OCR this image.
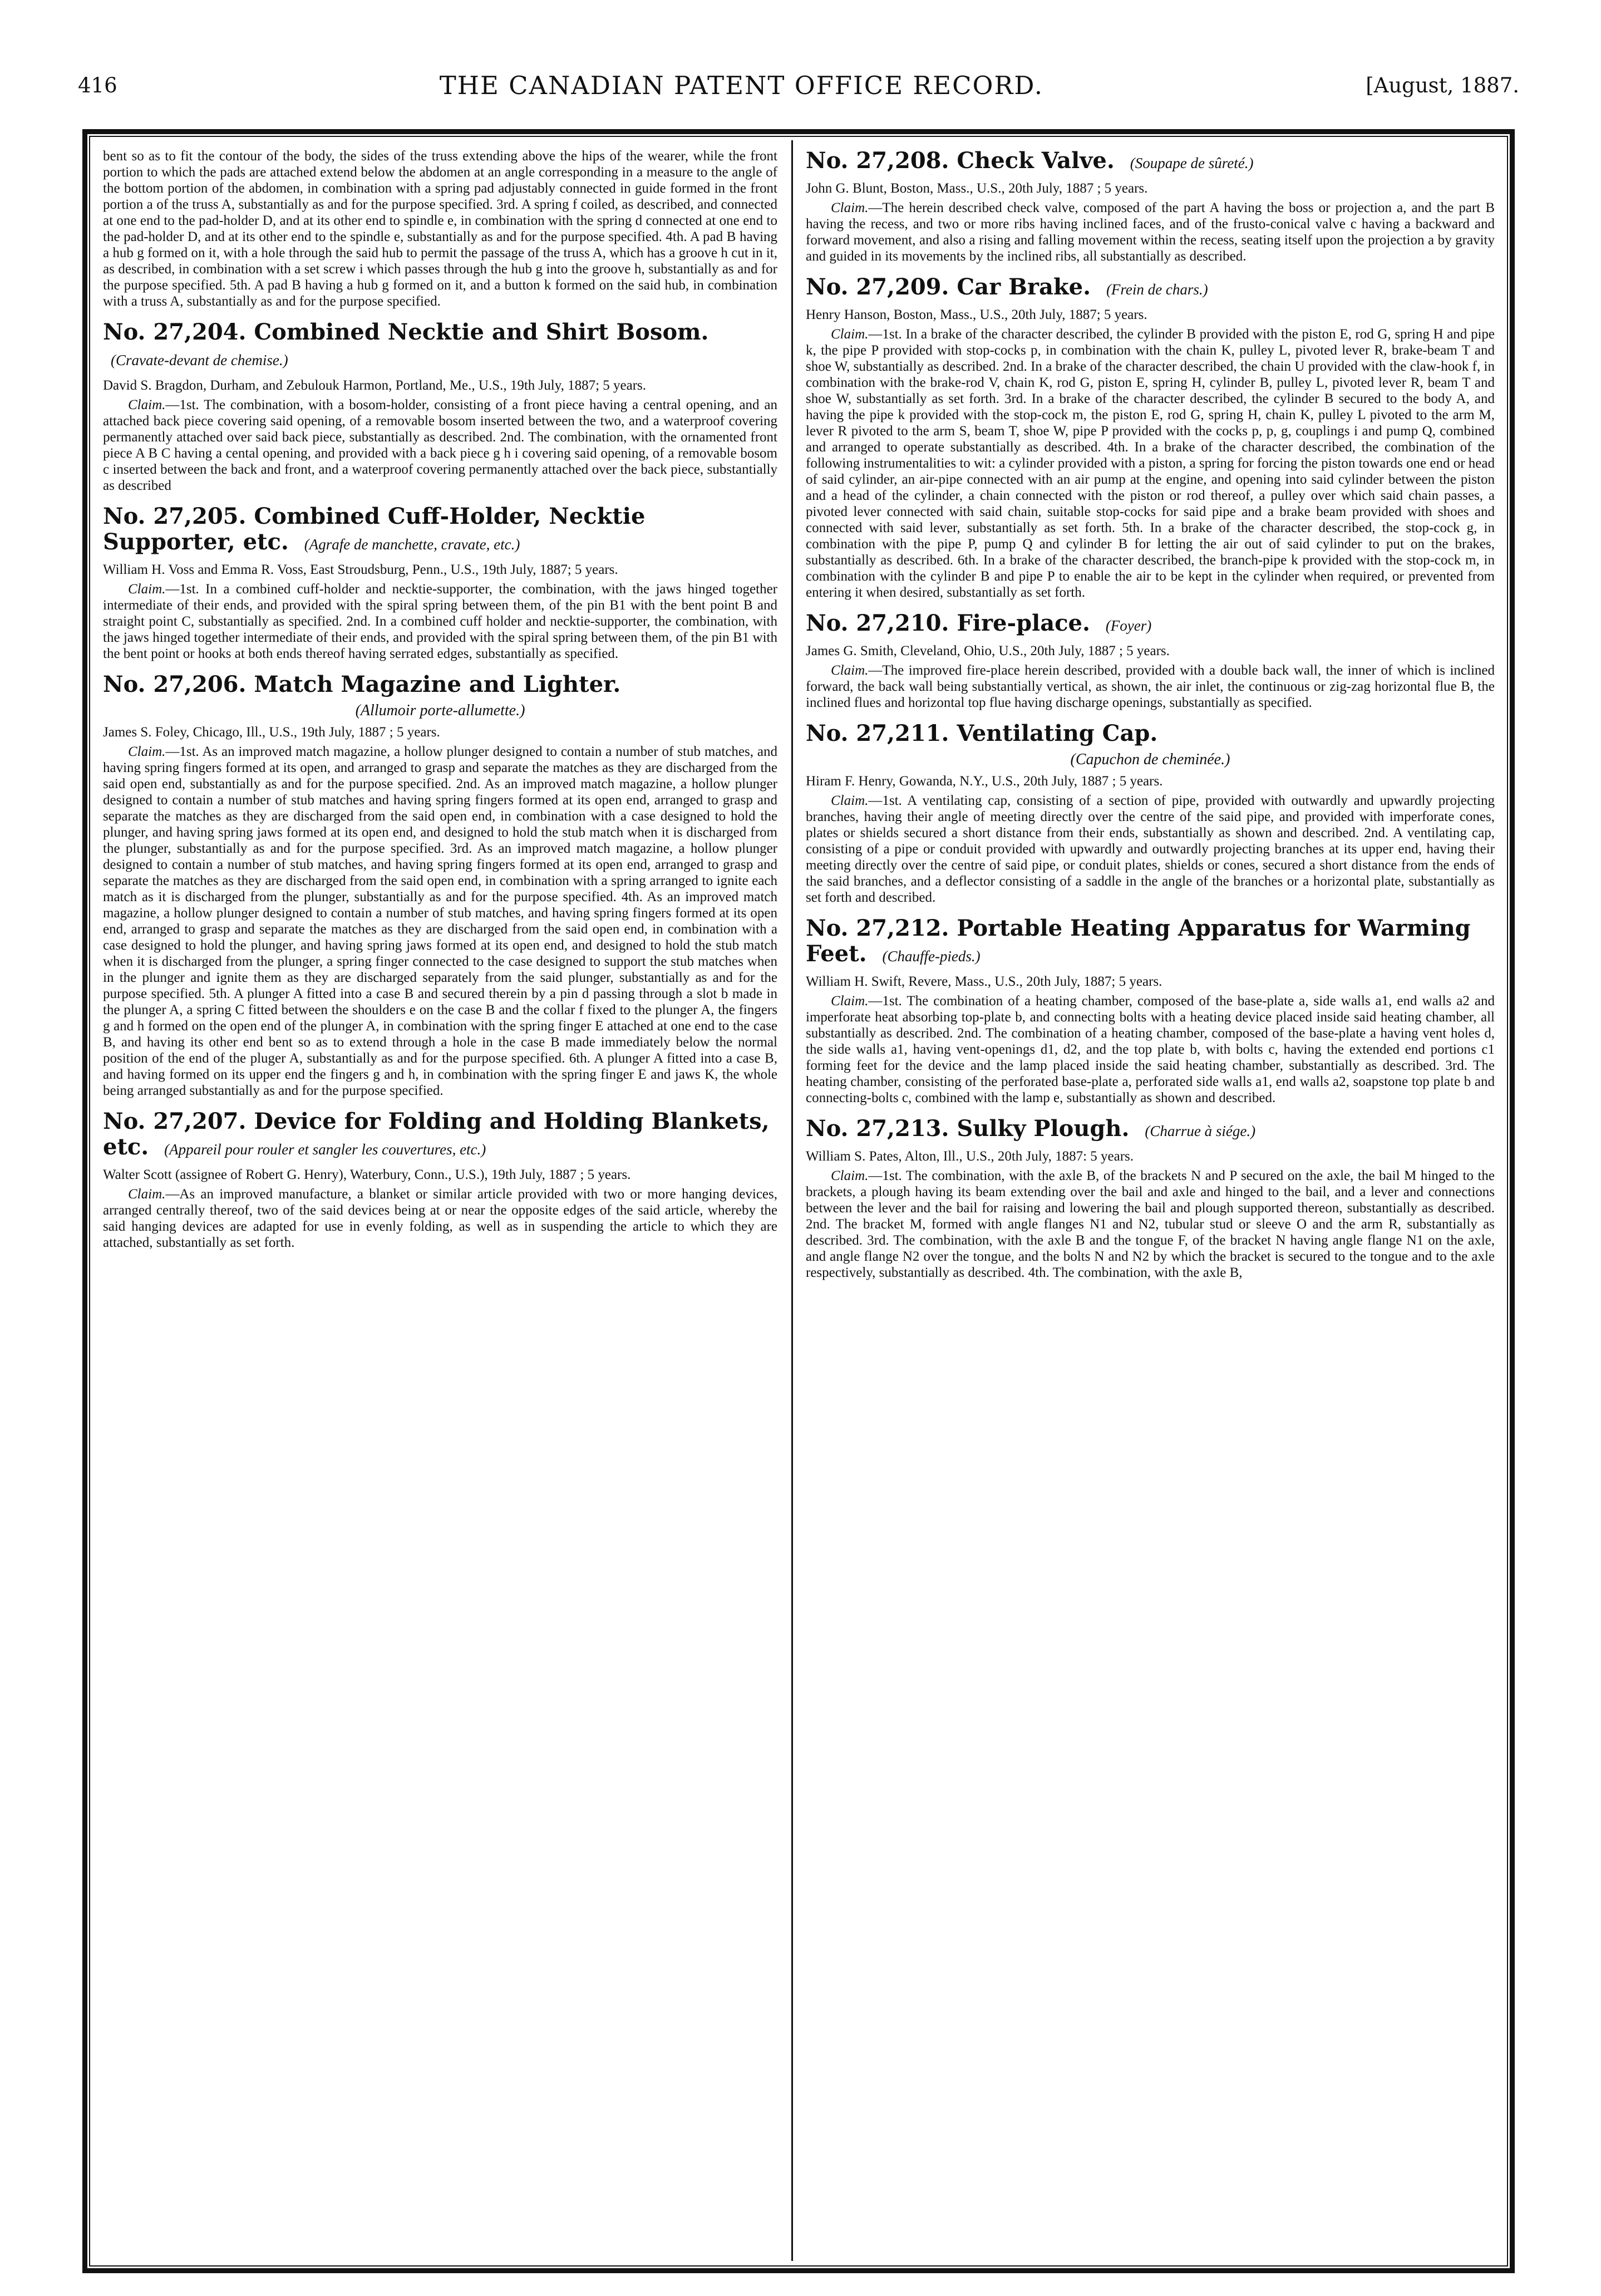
416	THE CANADIAN PATENT OFFICE RECORD.	[August, 1887.

bent so as to fit the contour of the body, the sides of the truss extending above the hips of the wearer, while the front portion to which the pads are attached extend below the abdomen at an angle corresponding in a measure to the angle of the bottom portion of the abdomen, in combination with a spring pad adjustably connected in guide formed in the front portion a of the truss A, substantially as and for the purpose specified. 3rd. A spring f coiled, as described, and connected at one end to the pad-holder D, and at its other end to spindle e, in combination with the spring d connected at one end to the pad-holder D, and at its other end to the spindle e, substantially as and for the purpose specified. 4th. A pad B having a hub g formed on it, with a hole through the said hub to permit the passage of the truss A, which has a groove h cut in it, as described, in combination with a set screw i which passes through the hub g into the groove h, substantially as and for the purpose specified. 5th. A pad B having a hub g formed on it, and a button k formed on the said hub, in combination with a truss A, substantially as and for the purpose specified.

No. 27,204. Combined Necktie and Shirt Bosom. (Cravate-devant de chemise.)

David S. Bragdon, Durham, and Zebulouk Harmon, Portland, Me., U.S., 19th July, 1887; 5 years.

Claim.—1st. The combination, with a bosom-holder, consisting of a front piece having a central opening, and an attached back piece covering said opening, of a removable bosom inserted between the two, and a waterproof covering permanently attached over said back piece, substantially as described. 2nd. The combination, with the ornamented front piece A B C having a cental opening, and provided with a back piece g h i covering said opening, of a removable bosom c inserted between the back and front, and a waterproof covering permanently attached over the back piece, substantially as described

No. 27,205. Combined Cuff-Holder, Necktie Supporter, etc. (Agrafe de manchette, cravate, etc.)

William H. Voss and Emma R. Voss, East Stroudsburg, Penn., U.S., 19th July, 1887; 5 years.

Claim.—1st. In a combined cuff-holder and necktie-supporter, the combination, with the jaws hinged together intermediate of their ends, and provided with the spiral spring between them, of the pin B1 with the bent point B and straight point C, substantially as specified. 2nd. In a combined cuff holder and necktie-supporter, the combination, with the jaws hinged together intermediate of their ends, and provided with the spiral spring between them, of the pin B1 with the bent point or hooks at both ends thereof having serrated edges, substantially as specified.

No. 27,206. Match Magazine and Lighter.

(Allumoir porte-allumette.)

James S. Foley, Chicago, Ill., U.S., 19th July, 1887 ; 5 years.

Claim.—1st. As an improved match magazine, a hollow plunger designed to contain a number of stub matches, and having spring fingers formed at its open, and arranged to grasp and separate the matches as they are discharged from the said open end, substantially as and for the purpose specified. 2nd. As an improved match magazine, a hollow plunger designed to contain a number of stub matches and having spring fingers formed at its open end, arranged to grasp and separate the matches as they are discharged from the said open end, in combination with a case designed to hold the plunger, and having spring jaws formed at its open end, and designed to hold the stub match when it is discharged from the plunger, substantially as and for the purpose specified. 3rd. As an improved match magazine, a hollow plunger designed to contain a number of stub matches, and having spring fingers formed at its open end, arranged to grasp and separate the matches as they are discharged from the said open end, in combination with a spring arranged to ignite each match as it is discharged from the plunger, substantially as and for the purpose specified. 4th. As an improved match magazine, a hollow plunger designed to contain a number of stub matches, and having spring fingers formed at its open end, arranged to grasp and separate the matches as they are discharged from the said open end, in combination with a case designed to hold the plunger, and having spring jaws formed at its open end, and designed to hold the stub match when it is discharged from the plunger, a spring finger connected to the case designed to support the stub matches when in the plunger and ignite them as they are discharged separately from the said plunger, substantially as and for the purpose specified. 5th. A plunger A fitted into a case B and secured therein by a pin d passing through a slot b made in the plunger A, a spring C fitted between the shoulders e on the case B and the collar f fixed to the plunger A, the fingers g and h formed on the open end of the plunger A, in combination with the spring finger E attached at one end to the case B, and having its other end bent so as to extend through a hole in the case B made immediately below the normal position of the end of the pluger A, substantially as and for the purpose specified. 6th. A plunger A fitted into a case B, and having formed on its upper end the fingers g and h, in combination with the spring finger E and jaws K, the whole being arranged substantially as and for the purpose specified.

No. 27,207. Device for Folding and Holding Blankets, etc. (Appareil pour rouler et sangler les couvertures, etc.)

Walter Scott (assignee of Robert G. Henry), Waterbury, Conn., U.S.), 19th July, 1887 ; 5 years.

Claim.—As an improved manufacture, a blanket or similar article provided with two or more hanging devices, arranged centrally thereof, two of the said devices being at or near the opposite edges of the said article, whereby the said hanging devices are adapted for use in evenly folding, as well as in suspending the article to which they are attached, substantially as set forth.

No. 27,208. Check Valve. (Soupape de sûreté.)

John G. Blunt, Boston, Mass., U.S., 20th July, 1887 ; 5 years.

Claim.—The herein described check valve, composed of the part A having the boss or projection a, and the part B having the recess, and two or more ribs having inclined faces, and of the frusto-conical valve c having a backward and forward movement, and also a rising and falling movement within the recess, seating itself upon the projection a by gravity and guided in its movements by the inclined ribs, all substantially as described.

No. 27,209. Car Brake. (Frein de chars.)

Henry Hanson, Boston, Mass., U.S., 20th July, 1887; 5 years.

Claim.—1st. In a brake of the character described, the cylinder B provided with the piston E, rod G, spring H and pipe k, the pipe P provided with stop-cocks p, in combination with the chain K, pulley L, pivoted lever R, brake-beam T and shoe W, substantially as described. 2nd. In a brake of the character described, the chain U provided with the claw-hook f, in combination with the brake-rod V, chain K, rod G, piston E, spring H, cylinder B, pulley L, pivoted lever R, beam T and shoe W, substantially as set forth. 3rd. In a brake of the character described, the cylinder B secured to the body A, and having the pipe k provided with the stop-cock m, the piston E, rod G, spring H, chain K, pulley L pivoted to the arm M, lever R pivoted to the arm S, beam T, shoe W, pipe P provided with the cocks p, p, g, couplings i and pump Q, combined and arranged to operate substantially as described. 4th. In a brake of the character described, the combination of the following instrumentalities to wit: a cylinder provided with a piston, a spring for forcing the piston towards one end or head of said cylinder, an air-pipe connected with an air pump at the engine, and opening into said cylinder between the piston and a head of the cylinder, a chain connected with the piston or rod thereof, a pulley over which said chain passes, a pivoted lever connected with said chain, suitable stop-cocks for said pipe and a brake beam provided with shoes and connected with said lever, substantially as set forth. 5th. In a brake of the character described, the stop-cock g, in combination with the pipe P, pump Q and cylinder B for letting the air out of said cylinder to put on the brakes, substantially as described. 6th. In a brake of the character described, the branch-pipe k provided with the stop-cock m, in combination with the cylinder B and pipe P to enable the air to be kept in the cylinder when required, or prevented from entering it when desired, substantially as set forth.

No. 27,210. Fire-place. (Foyer)

James G. Smith, Cleveland, Ohio, U.S., 20th July, 1887 ; 5 years.

Claim.—The improved fire-place herein described, provided with a double back wall, the inner of which is inclined forward, the back wall being substantially vertical, as shown, the air inlet, the continuous or zig-zag horizontal flue B, the inclined flues and horizontal top flue having discharge openings, substantially as specified.

No. 27,211. Ventilating Cap.

(Capuchon de cheminée.)

Hiram F. Henry, Gowanda, N.Y., U.S., 20th July, 1887 ; 5 years.

Claim.—1st. A ventilating cap, consisting of a section of pipe, provided with outwardly and upwardly projecting branches, having their angle of meeting directly over the centre of the said pipe, and provided with imperforate cones, plates or shields secured a short distance from their ends, substantially as shown and described. 2nd. A ventilating cap, consisting of a pipe or conduit provided with upwardly and outwardly projecting branches at its upper end, having their meeting directly over the centre of said pipe, or conduit plates, shields or cones, secured a short distance from the ends of the said branches, and a deflector consisting of a saddle in the angle of the branches or a horizontal plate, substantially as set forth and described.

No. 27,212. Portable Heating Apparatus for Warming Feet. (Chauffe-pieds.)

William H. Swift, Revere, Mass., U.S., 20th July, 1887; 5 years.

Claim.—1st. The combination of a heating chamber, composed of the base-plate a, side walls a1, end walls a2 and imperforate heat absorbing top-plate b, and connecting bolts with a heating device placed inside said heating chamber, all substantially as described. 2nd. The combination of a heating chamber, composed of the base-plate a having vent holes d, the side walls a1, having vent-openings d1, d2, and the top plate b, with bolts c, having the extended end portions c1 forming feet for the device and the lamp placed inside the said heating chamber, substantially as described. 3rd. The heating chamber, consisting of the perforated base-plate a, perforated side walls a1, end walls a2, soapstone top plate b and connecting-bolts c, combined with the lamp e, substantially as shown and described.

No. 27,213. Sulky Plough. (Charrue à siége.)

William S. Pates, Alton, Ill., U.S., 20th July, 1887: 5 years.

Claim.—1st. The combination, with the axle B, of the brackets N and P secured on the axle, the bail M hinged to the brackets, a plough having its beam extending over the bail and axle and hinged to the bail, and a lever and connections between the lever and the bail for raising and lowering the bail and plough supported thereon, substantially as described. 2nd. The bracket M, formed with angle flanges N1 and N2, tubular stud or sleeve O and the arm R, substantially as described. 3rd. The combination, with the axle B and the tongue F, of the bracket N having angle flange N1 on the axle, and angle flange N2 over the tongue, and the bolts N and N2 by which the bracket is secured to the tongue and to the axle respectively, substantially as described. 4th. The combination, with the axle B,
